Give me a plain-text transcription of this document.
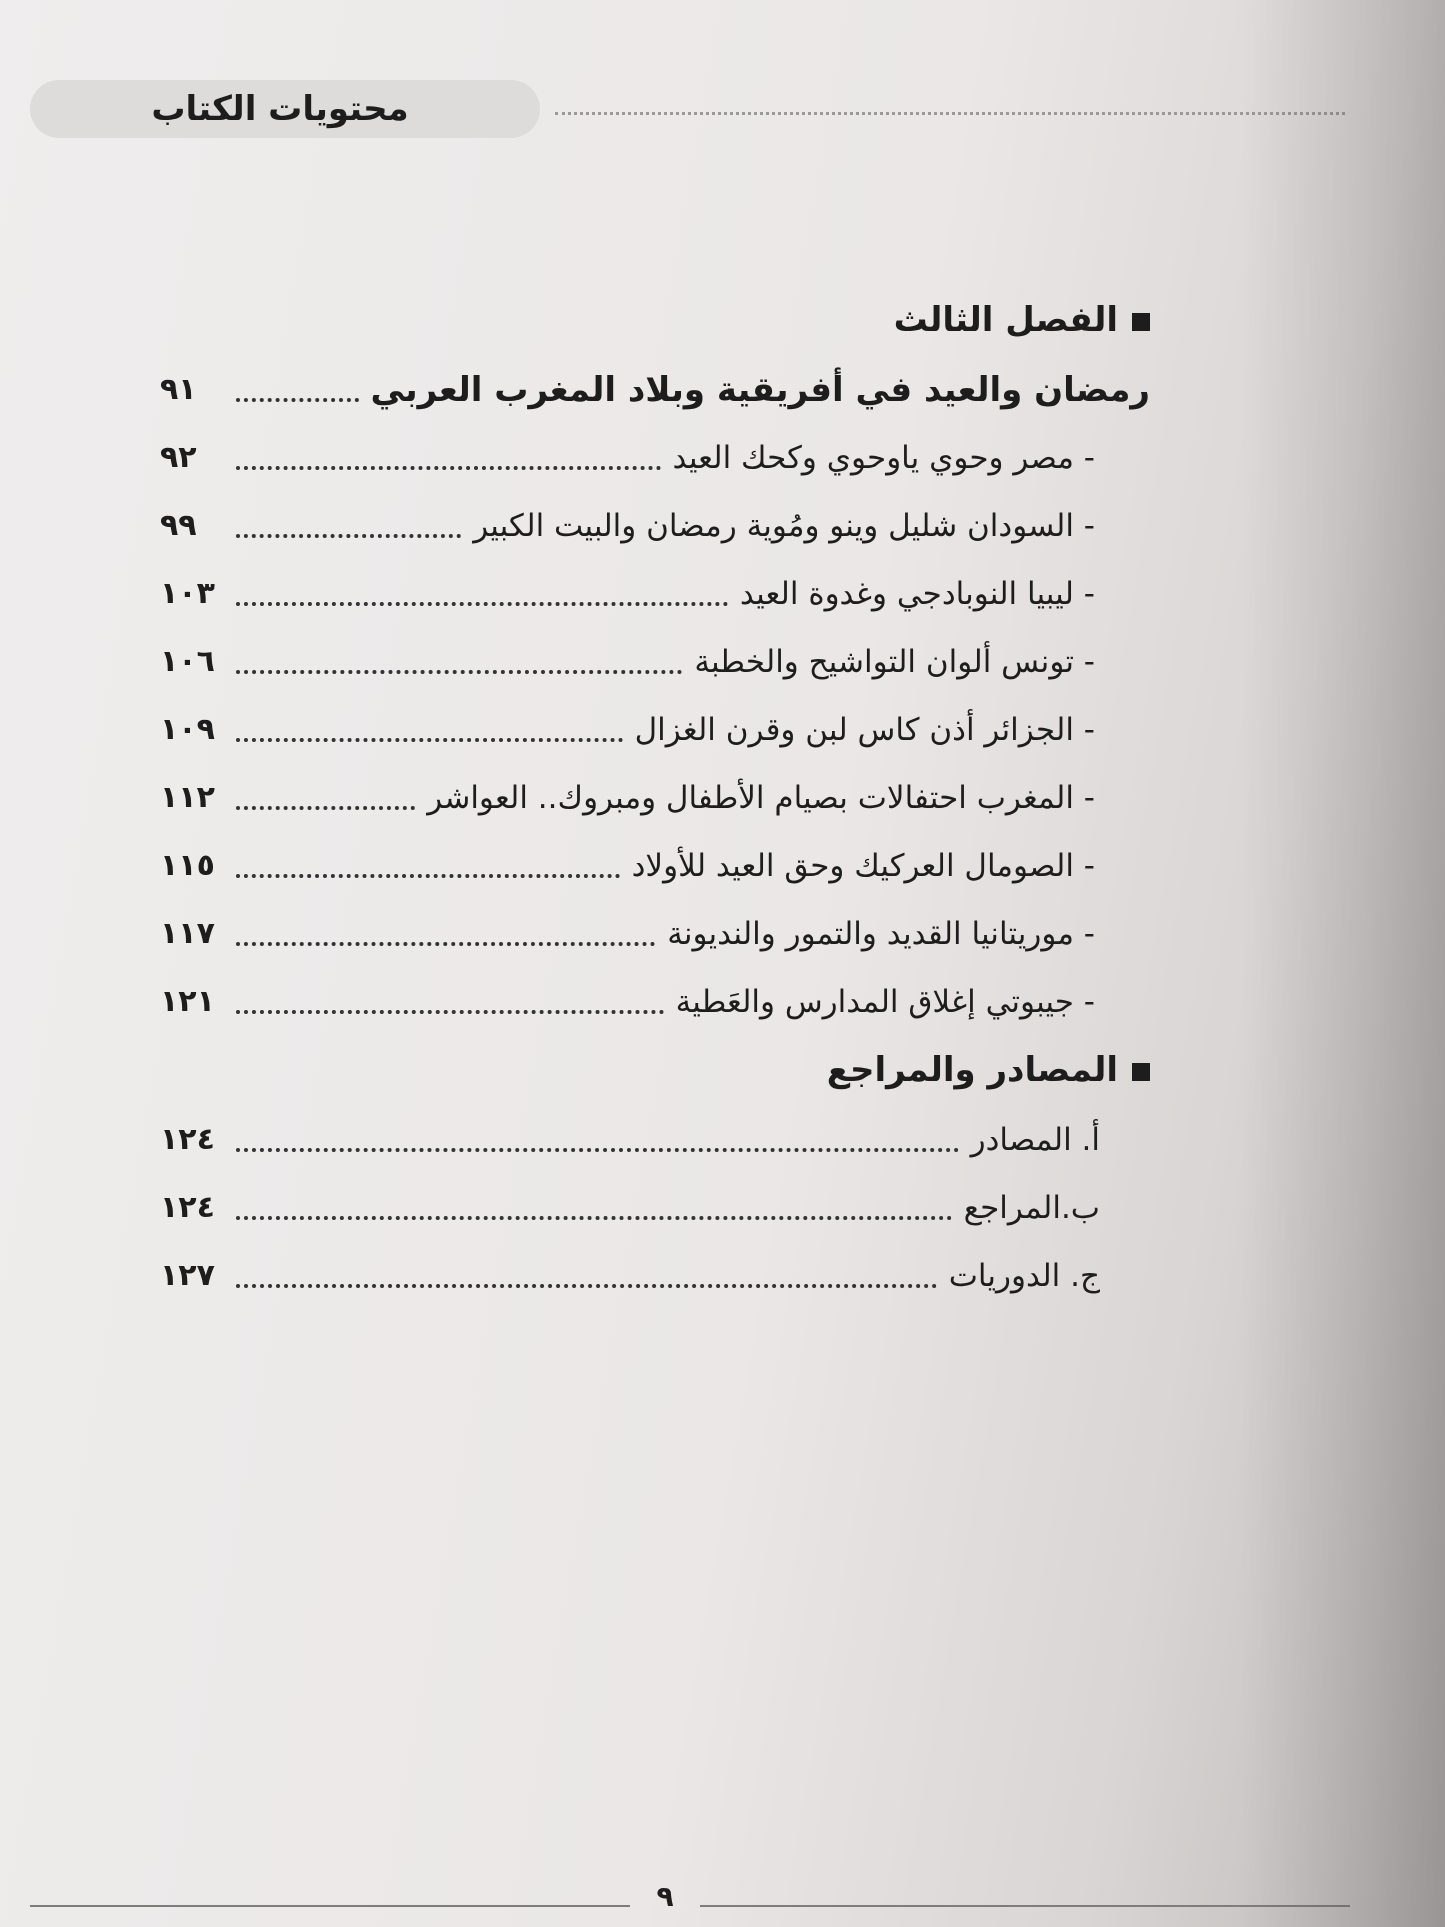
محتويات الكتاب
الفصل الثالث
رمضان والعيد في أفريقية وبلاد المغرب العربي
٩١
- مصر وحوي ياوحوي وكحك العيد
٩٢
- السودان شليل وينو ومُوية رمضان والبيت الكبير
٩٩
- ليبيا النوبادجي وغدوة العيد
١٠٣
- تونس ألوان التواشيح والخطبة
١٠٦
- الجزائر أذن كاس لبن وقرن الغزال
١٠٩
- المغرب احتفالات بصيام الأطفال ومبروك.. العواشر
١١٢
- الصومال العركيك وحق العيد للأولاد
١١٥
- موريتانيا القديد والتمور والنديونة
١١٧
- جيبوتي إغلاق المدارس والعَطية
١٢١
المصادر والمراجع
أ. المصادر
١٢٤
ب.المراجع
١٢٤
ج. الدوريات
١٢٧
٩
